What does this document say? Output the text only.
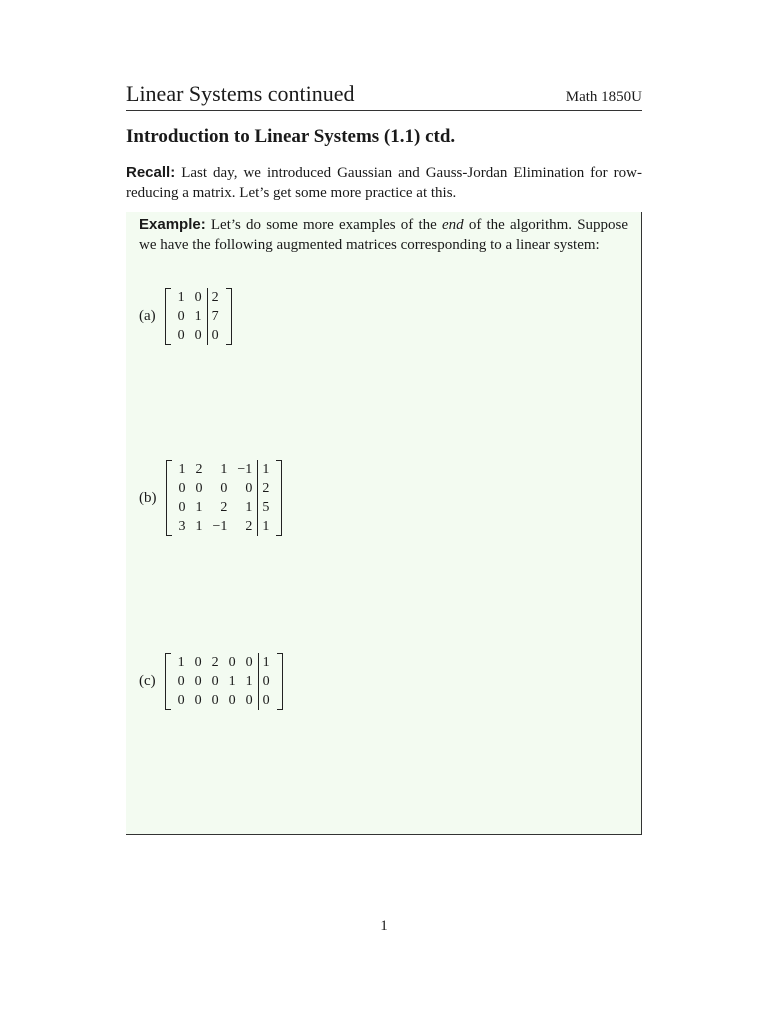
Linear Systems continued	Math 1850U
Introduction to Linear Systems (1.1) ctd.
Recall: Last day, we introduced Gaussian and Gauss-Jordan Elimination for row-reducing a matrix. Let’s get some more practice at this.
Example: Let’s do some more examples of the end of the algorithm. Suppose we have the following augmented matrices corresponding to a linear system:
(a)
1	0	2
0	1	7
0	0	0
(b)
1	2	1	−1	1
0	0	0	0	2
0	1	2	1	5
3	1	−1	2	1
(c)
1	0	2	0	0	1
0	0	0	1	1	0
0	0	0	0	0	0
1
